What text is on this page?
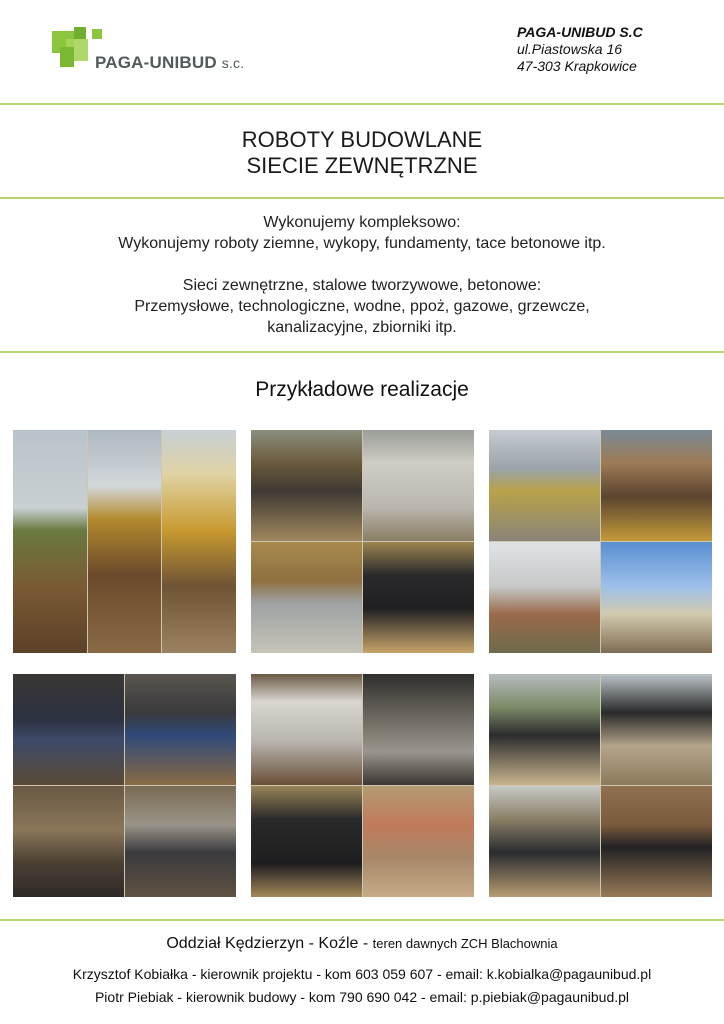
PAGA-UNIBUD s.c.
PAGA-UNIBUD S.C
ul.Piastowska 16
47-303 Krapkowice
ROBOTY BUDOWLANE
SIECIE ZEWNĘTRZNE
Wykonujemy kompleksowo:
Wykonujemy roboty ziemne, wykopy, fundamenty, tace betonowe itp.
Sieci zewnętrzne, stalowe tworzywowe, betonowe:
Przemysłowe, technologiczne, wodne, ppoż, gazowe, grzewcze,
kanalizacyjne, zbiorniki itp.
Przykładowe realizacje
Oddział Kędzierzyn - Koźle - teren dawnych ZCH Blachownia
Krzysztof Kobiałka - kierownik projektu - kom 603 059 607 - email: k.kobialka@pagaunibud.pl
Piotr Piebiak - kierownik budowy - kom 790 690 042 - email: p.piebiak@pagaunibud.pl
